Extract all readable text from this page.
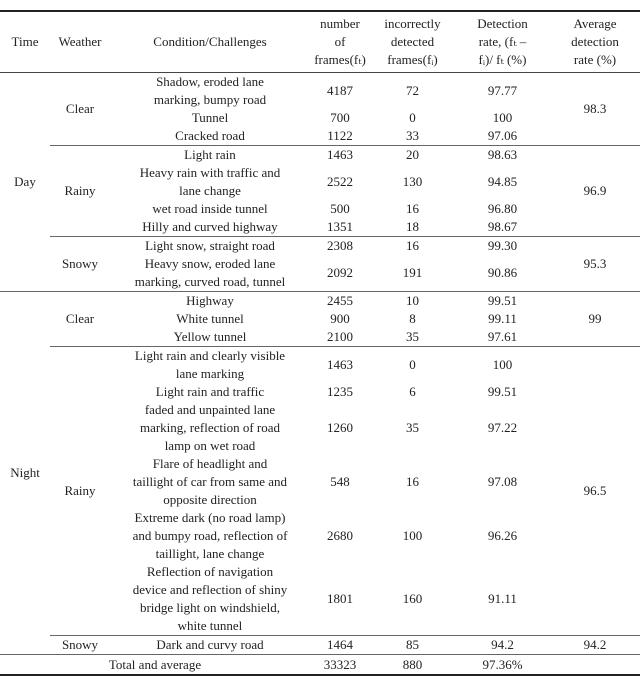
Time	Weather	Condition/Challenges	number
of
frames(fₜ)	incorrectly
detected
frames(fᵢ)	Detection
rate, (fₜ –
fᵢ)/ fₜ (%)	Average
detection
rate (%)
Day	Clear	Shadow, eroded lane
marking, bumpy road	4187	72	97.77	98.3
		Tunnel	700	0	100	
		Cracked road	1122	33	97.06	
	Rainy	Light rain	1463	20	98.63	96.9
		Heavy rain with traffic and
lane change	2522	130	94.85	
		wet road inside tunnel	500	16	96.80	
		Hilly and curved highway	1351	18	98.67	
	Snowy	Light snow, straight road	2308	16	99.30	95.3
		Heavy snow, eroded lane
marking, curved road, tunnel	2092	191	90.86	
Night	Clear	Highway	2455	10	99.51	99
		White tunnel	900	8	99.11	
		Yellow tunnel	2100	35	97.61	
	Rainy	Light rain and clearly visible
lane marking	1463	0	100	96.5
		Light rain and traffic	1235	6	99.51	
		faded and unpainted lane
marking, reflection of road
lamp on wet road	1260	35	97.22	
		Flare of headlight and
taillight of car from same and
opposite direction	548	16	97.08	
		Extreme dark (no road lamp)
and bumpy road, reflection of
taillight, lane change	2680	100	96.26	
		Reflection of navigation
device and reflection of shiny
bridge light on windshield,
white tunnel	1801	160	91.11	
	Snowy	Dark and curvy road	1464	85	94.2	94.2
Total and average			33323	880	97.36%	
